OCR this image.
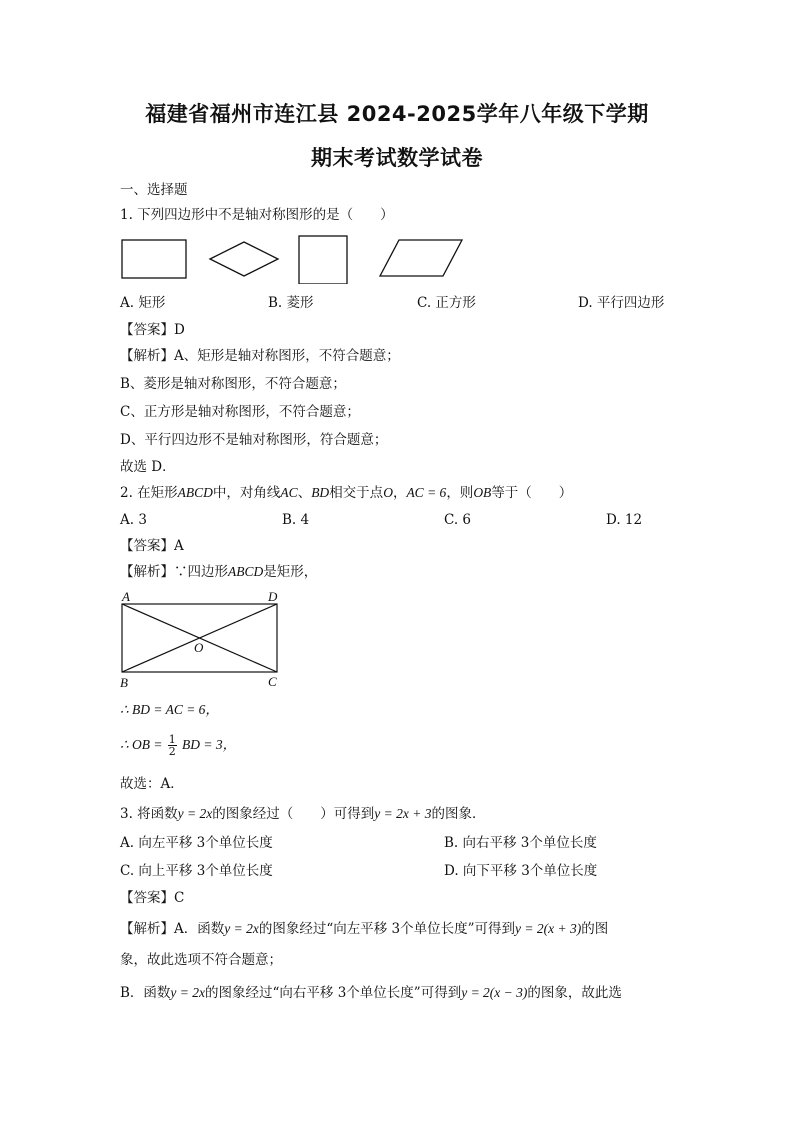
福建省福州市连江县 2024-2025学年八年级下学期
期末考试数学试卷
一、选择题
1. 下列四边形中不是轴对称图形的是（　　）
A. 矩形	B. 菱形	C. 正方形	D. 平行四边形
【答案】D
【解析】A、矩形是轴对称图形，不符合题意；
B、菱形是轴对称图形，不符合题意；
C、正方形是轴对称图形，不符合题意；
D、平行四边形不是轴对称图形，符合题意；
故选 D．
2. 在矩形ABCD中，对角线AC、BD相交于点O，AC = 6，则OB等于（　　）
A. 3	B. 4	C. 6	D. 12
【答案】A
【解析】∵四边形ABCD是矩形，
A	D
B	C
O
∴ BD = AC = 6，
∴ OB = $\frac{1}{2}$ BD = 3，
故选：A．
3. 将函数y = 2x的图象经过（　　）可得到y = 2x + 3的图象．
A. 向左平移 3个单位长度	B. 向右平移 3个单位长度
C. 向上平移 3个单位长度	D. 向下平移 3个单位长度
【答案】C
【解析】A．函数y = 2x的图象经过“向左平移 3个单位长度”可得到y = 2(x + 3)的图
象，故此选项不符合题意；
B．函数y = 2x的图象经过“向右平移 3个单位长度”可得到y = 2(x − 3)的图象，故此选
